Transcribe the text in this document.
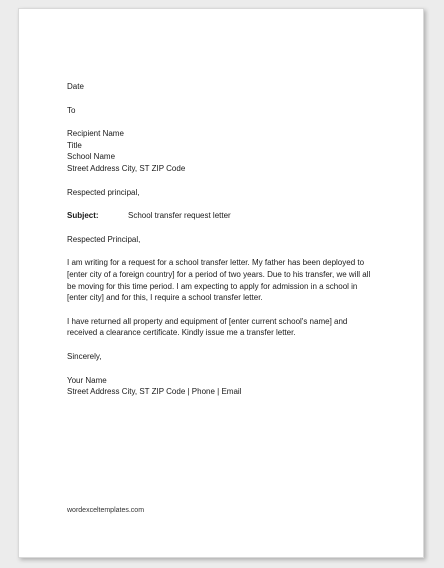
Date
To
Recipient Name
Title
School Name
Street Address City, ST ZIP Code
Respected principal,
Subject:	School transfer request letter
Respected Principal,
I am writing for a request for a school transfer letter. My father has been deployed to
[enter city of a foreign country] for a period of two years. Due to his transfer, we will all
be moving for this time period. I am expecting to apply for admission in a school in
[enter city] and for this, I require a school transfer letter.
I have returned all property and equipment of [enter current school's name] and
received a clearance certificate. Kindly issue me a transfer letter.
Sincerely,
Your Name
Street Address City, ST ZIP Code | Phone | Email
wordexceltemplates.com
